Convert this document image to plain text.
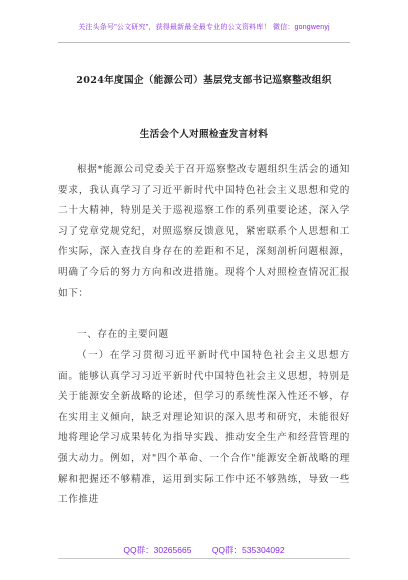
关注头条号"公文研究"，获得最新最全最专业的公文资料库！ 微信：gongwenyj
2024年度国企（能源公司）基层党支部书记巡察整改组织
生活会个人对照检查发言材料
根据*能源公司党委关于召开巡察整改专题组织生活会的通知要求，我认真学习了习近平新时代中国特色社会主义思想和党的二十大精神，特别是关于巡视巡察工作的系列重要论述，深入学习了党章党规党纪，对照巡察反馈意见，紧密联系个人思想和工作实际，深入查找自身存在的差距和不足，深刻剖析问题根源，明确了今后的努力方向和改进措施。现将个人对照检查情况汇报如下：
一、存在的主要问题
（一）在学习贯彻习近平新时代中国特色社会主义思想方面。能够认真学习习近平新时代中国特色社会主义思想，特别是关于能源安全新战略的论述，但学习的系统性深入性还不够，存在实用主义倾向，缺乏对理论知识的深入思考和研究，未能很好地将理论学习成果转化为指导实践、推动安全生产和经营管理的强大动力。例如，对"四个革命、一个合作"能源安全新战略的理解和把握还不够精准，运用到实际工作中还不够熟练，导致一些工作推进
QQ群：30265665 QQ群：535304092
